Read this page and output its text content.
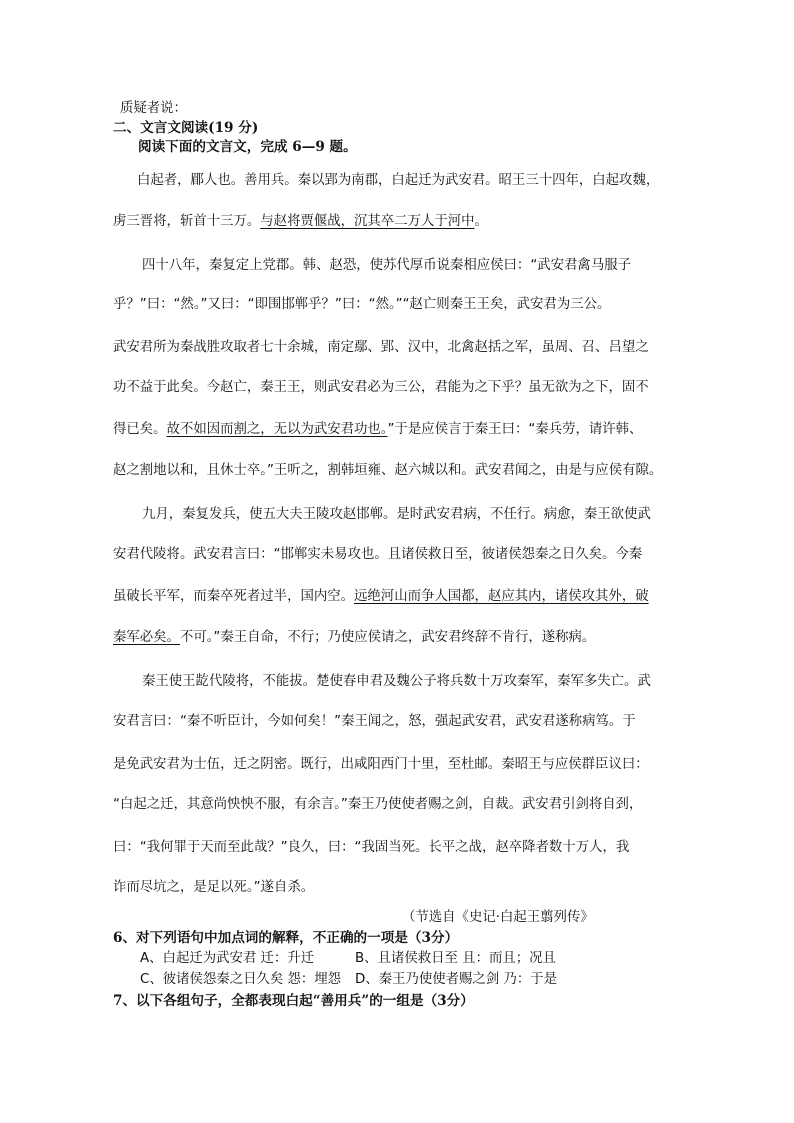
质疑者说：
二、文言文阅读(19 分)
阅读下面的文言文，完成 6—9 题。
白起者，郿人也。善用兵。秦以郢为南郡，白起迁为武安君。昭王三十四年，白起攻魏，
虏三晋将，斩首十三万。与赵将贾偃战，沉其卒二万人于河中。
四十八年，秦复定上党郡。韩、赵恐，使苏代厚币说秦相应侯曰：“武安君禽马服子
乎？”曰：“然。”又曰：“即围邯郸乎？”曰：“然。”“赵亡则秦王王矣，武安君为三公。
武安君所为秦战胜攻取者七十余城，南定鄢、郢、汉中，北禽赵括之军，虽周、召、吕望之
功不益于此矣。今赵亡，秦王王，则武安君必为三公，君能为之下乎？虽无欲为之下，固不
得已矣。故不如因而割之，无以为武安君功也。”于是应侯言于秦王曰：“秦兵劳，请许韩、
赵之割地以和，且休士卒。”王听之，割韩垣雍、赵六城以和。武安君闻之，由是与应侯有隙。
九月，秦复发兵，使五大夫王陵攻赵邯郸。是时武安君病，不任行。病愈，秦王欲使武
安君代陵将。武安君言曰：“邯郸实未易攻也。且诸侯救日至，彼诸侯怨秦之日久矣。今秦
虽破长平军，而秦卒死者过半，国内空。远绝河山而争人国都，赵应其内，诸侯攻其外，破
秦军必矣。不可。”秦王自命，不行；乃使应侯请之，武安君终辞不肯行，遂称病。
秦王使王龁代陵将，不能拔。楚使春申君及魏公子将兵数十万攻秦军，秦军多失亡。武
安君言曰：“秦不听臣计，今如何矣！”秦王闻之，怒，强起武安君，武安君遂称病笃。于
是免武安君为士伍，迁之阴密。既行，出咸阳西门十里，至杜邮。秦昭王与应侯群臣议曰：
“白起之迁，其意尚怏怏不服，有余言。”秦王乃使使者赐之剑，自裁。武安君引剑将自刭，
曰：“我何罪于天而至此哉？”良久，曰：“我固当死。长平之战，赵卒降者数十万人，我
诈而尽坑之，是足以死。”遂自杀。
（节选自《史记·白起王翦列传》
6、对下列语句中加点词的解释，不正确的一项是（3分）
A、白起迁为武安君 迁：升迁	B、且诸侯救日至 且：而且；况且
C、彼诸侯怨秦之日久矣 怨：埋怨 D、秦王乃使使者赐之剑 乃：于是
7、以下各组句子，全都表现白起“善用兵”的一组是（3分）
